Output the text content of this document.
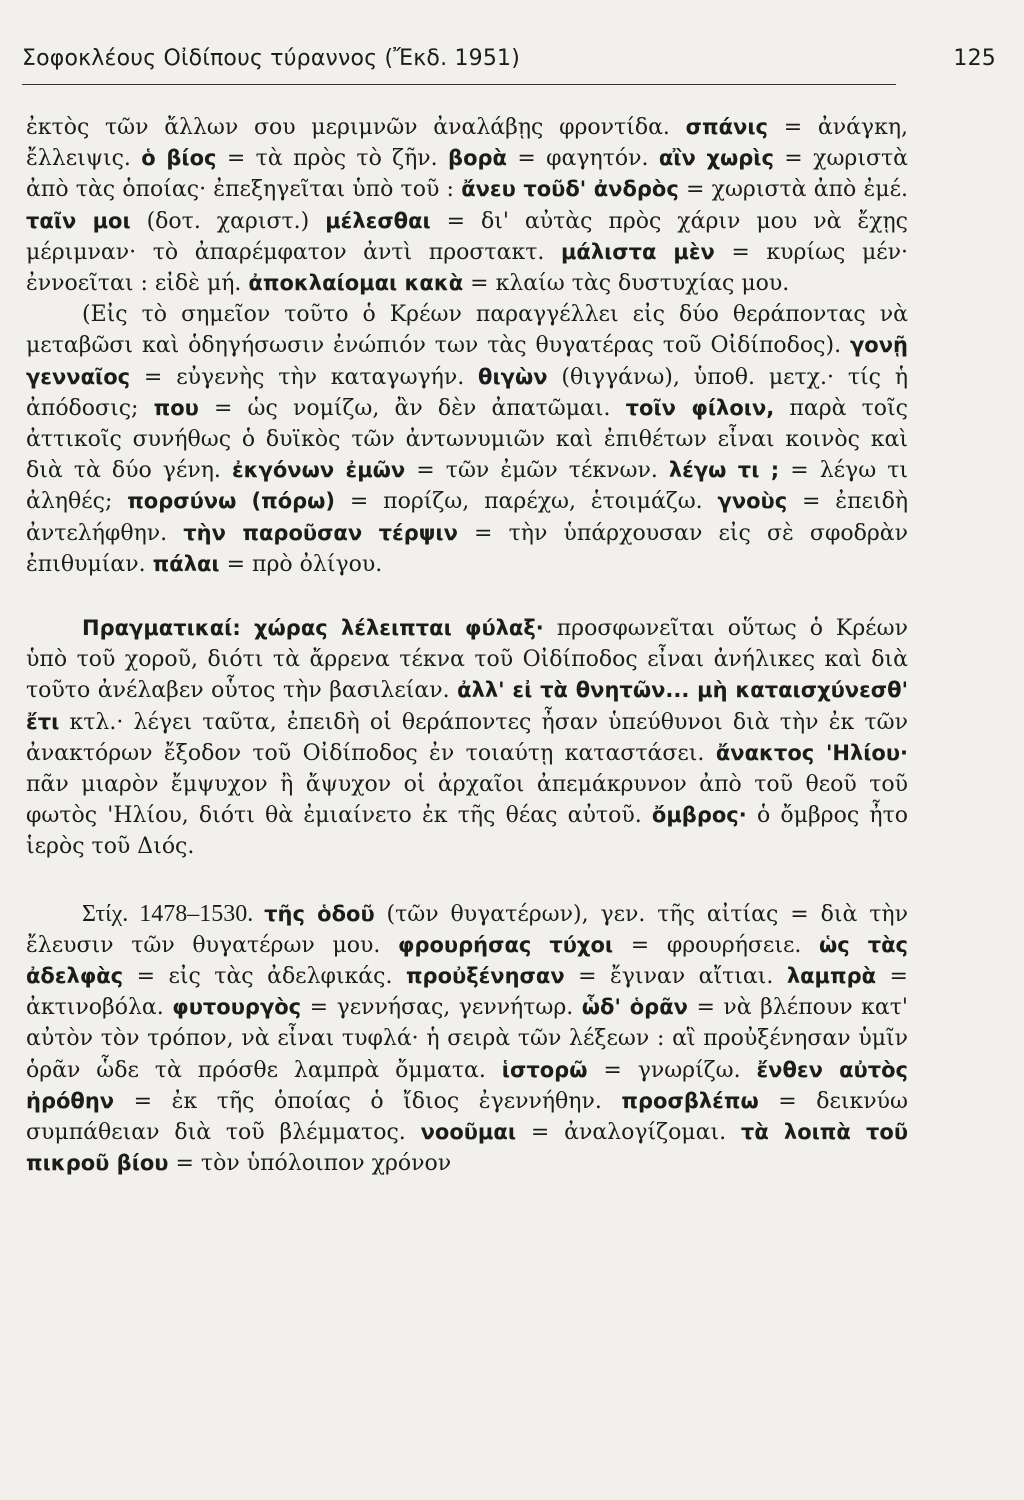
Σοφοκλέους Οἰδίπους τύραννος (Ἔκδ. 1951)	125

ἐκτὸς τῶν ἄλλων σου μεριμνῶν ἀναλάβῃς φροντίδα. σπάνις = ἀνάγκη, ἔλλειψις. ὁ βίος = τὰ πρὸς τὸ ζῆν. βορὰ = φαγητόν. αἲν χωρὶς = χωριστὰ ἀπὸ τὰς ὁποίας· ἐπεξηγεῖται ὑπὸ τοῦ : ἄνευ τοῦδ' ἀνδρὸς = χωριστὰ ἀπὸ ἐμέ. ταῖν μοι (δοτ. χαριστ.) μέλεσθαι = δι' αὐτὰς πρὸς χάριν μου νὰ ἔχῃς μέριμναν· τὸ ἀπαρέμφατον ἀντὶ προστακτ. μάλιστα μὲν = κυρίως μέν· ἐννοεῖται : εἰδὲ μή. ἀποκλαίομαι κακὰ = κλαίω τὰς δυστυχίας μου.

(Εἰς τὸ σημεῖον τοῦτο ὁ Κρέων παραγγέλλει εἰς δύο θεράποντας νὰ μεταβῶσι καὶ ὁδηγήσωσιν ἐνώπιόν των τὰς θυγατέρας τοῦ Οἰδίποδος). γονῇ γενναῖος = εὐγενὴς τὴν καταγωγήν. θιγὼν (θιγγάνω), ὑποθ. μετχ.· τίς ἡ ἀπόδοσις; που = ὡς νομίζω, ἂν δὲν ἀπατῶμαι. τοῖν φίλοιν, παρὰ τοῖς ἀττικοῖς συνήθως ὁ δυϊκὸς τῶν ἀντωνυμιῶν καὶ ἐπιθέτων εἶναι κοινὸς καὶ διὰ τὰ δύο γένη. ἐκγόνων ἐμῶν = τῶν ἐμῶν τέκνων. λέγω τι ; = λέγω τι ἀληθές; πορσύνω (πόρω) = πορίζω, παρέχω, ἑτοιμάζω. γνοὺς = ἐπειδὴ ἀντελήφθην. τὴν παροῦσαν τέρψιν = τὴν ὑπάρχουσαν εἰς σὲ σφοδρὰν ἐπιθυμίαν. πάλαι = πρὸ ὀλίγου.

Πραγματικαί: χώρας λέλειπται φύλαξ· προσφωνεῖται οὕτως ὁ Κρέων ὑπὸ τοῦ χοροῦ, διότι τὰ ἄρρενα τέκνα τοῦ Οἰδίποδος εἶναι ἀνήλικες καὶ διὰ τοῦτο ἀνέλαβεν οὗτος τὴν βασιλείαν. ἀλλ' εἰ τὰ θνητῶν... μὴ καταισχύνεσθ' ἔτι κτλ.· λέγει ταῦτα, ἐπειδὴ οἱ θεράποντες ἦσαν ὑπεύθυνοι διὰ τὴν ἐκ τῶν ἀνακτόρων ἔξοδον τοῦ Οἰδίποδος ἐν τοιαύτῃ καταστάσει. ἄνακτος 'Ηλίου· πᾶν μιαρὸν ἔμψυχον ἢ ἄψυχον οἱ ἀρχαῖοι ἀπεμάκρυνον ἀπὸ τοῦ θεοῦ τοῦ φωτὸς 'Ηλίου, διότι θὰ ἐμιαίνετο ἐκ τῆς θέας αὐτοῦ. ὄμβρος· ὁ ὄμβρος ἦτο ἱερὸς τοῦ Διός.

Στίχ. 1478–1530. τῆς ὁδοῦ (τῶν θυγατέρων), γεν. τῆς αἰτίας = διὰ τὴν ἔλευσιν τῶν θυγατέρων μου. φρουρήσας τύχοι = φρουρήσειε. ὡς τὰς ἀδελφὰς = εἰς τὰς ἀδελφικάς. προὐξένησαν = ἔγιναν αἴτιαι. λαμπρὰ = ἀκτινοβόλα. φυτουργὸς = γεννήσας, γεννήτωρ. ὧδ' ὁρᾶν = νὰ βλέπουν κατ' αὐτὸν τὸν τρόπον, νὰ εἶναι τυφλά· ἡ σειρὰ τῶν λέξεων : αἳ προὐξένησαν ὑμῖν ὁρᾶν ὧδε τὰ πρόσθε λαμπρὰ ὄμματα. ἱστορῶ = γνωρίζω. ἔνθεν αὐτὸς ἠρόθην = ἐκ τῆς ὁποίας ὁ ἴδιος ἐγεννήθην. προσβλέπω = δεικνύω συμπάθειαν διὰ τοῦ βλέμματος. νοοῦμαι = ἀναλογίζομαι. τὰ λοιπὰ τοῦ πικροῦ βίου = τὸν ὑπόλοιπον χρόνον
